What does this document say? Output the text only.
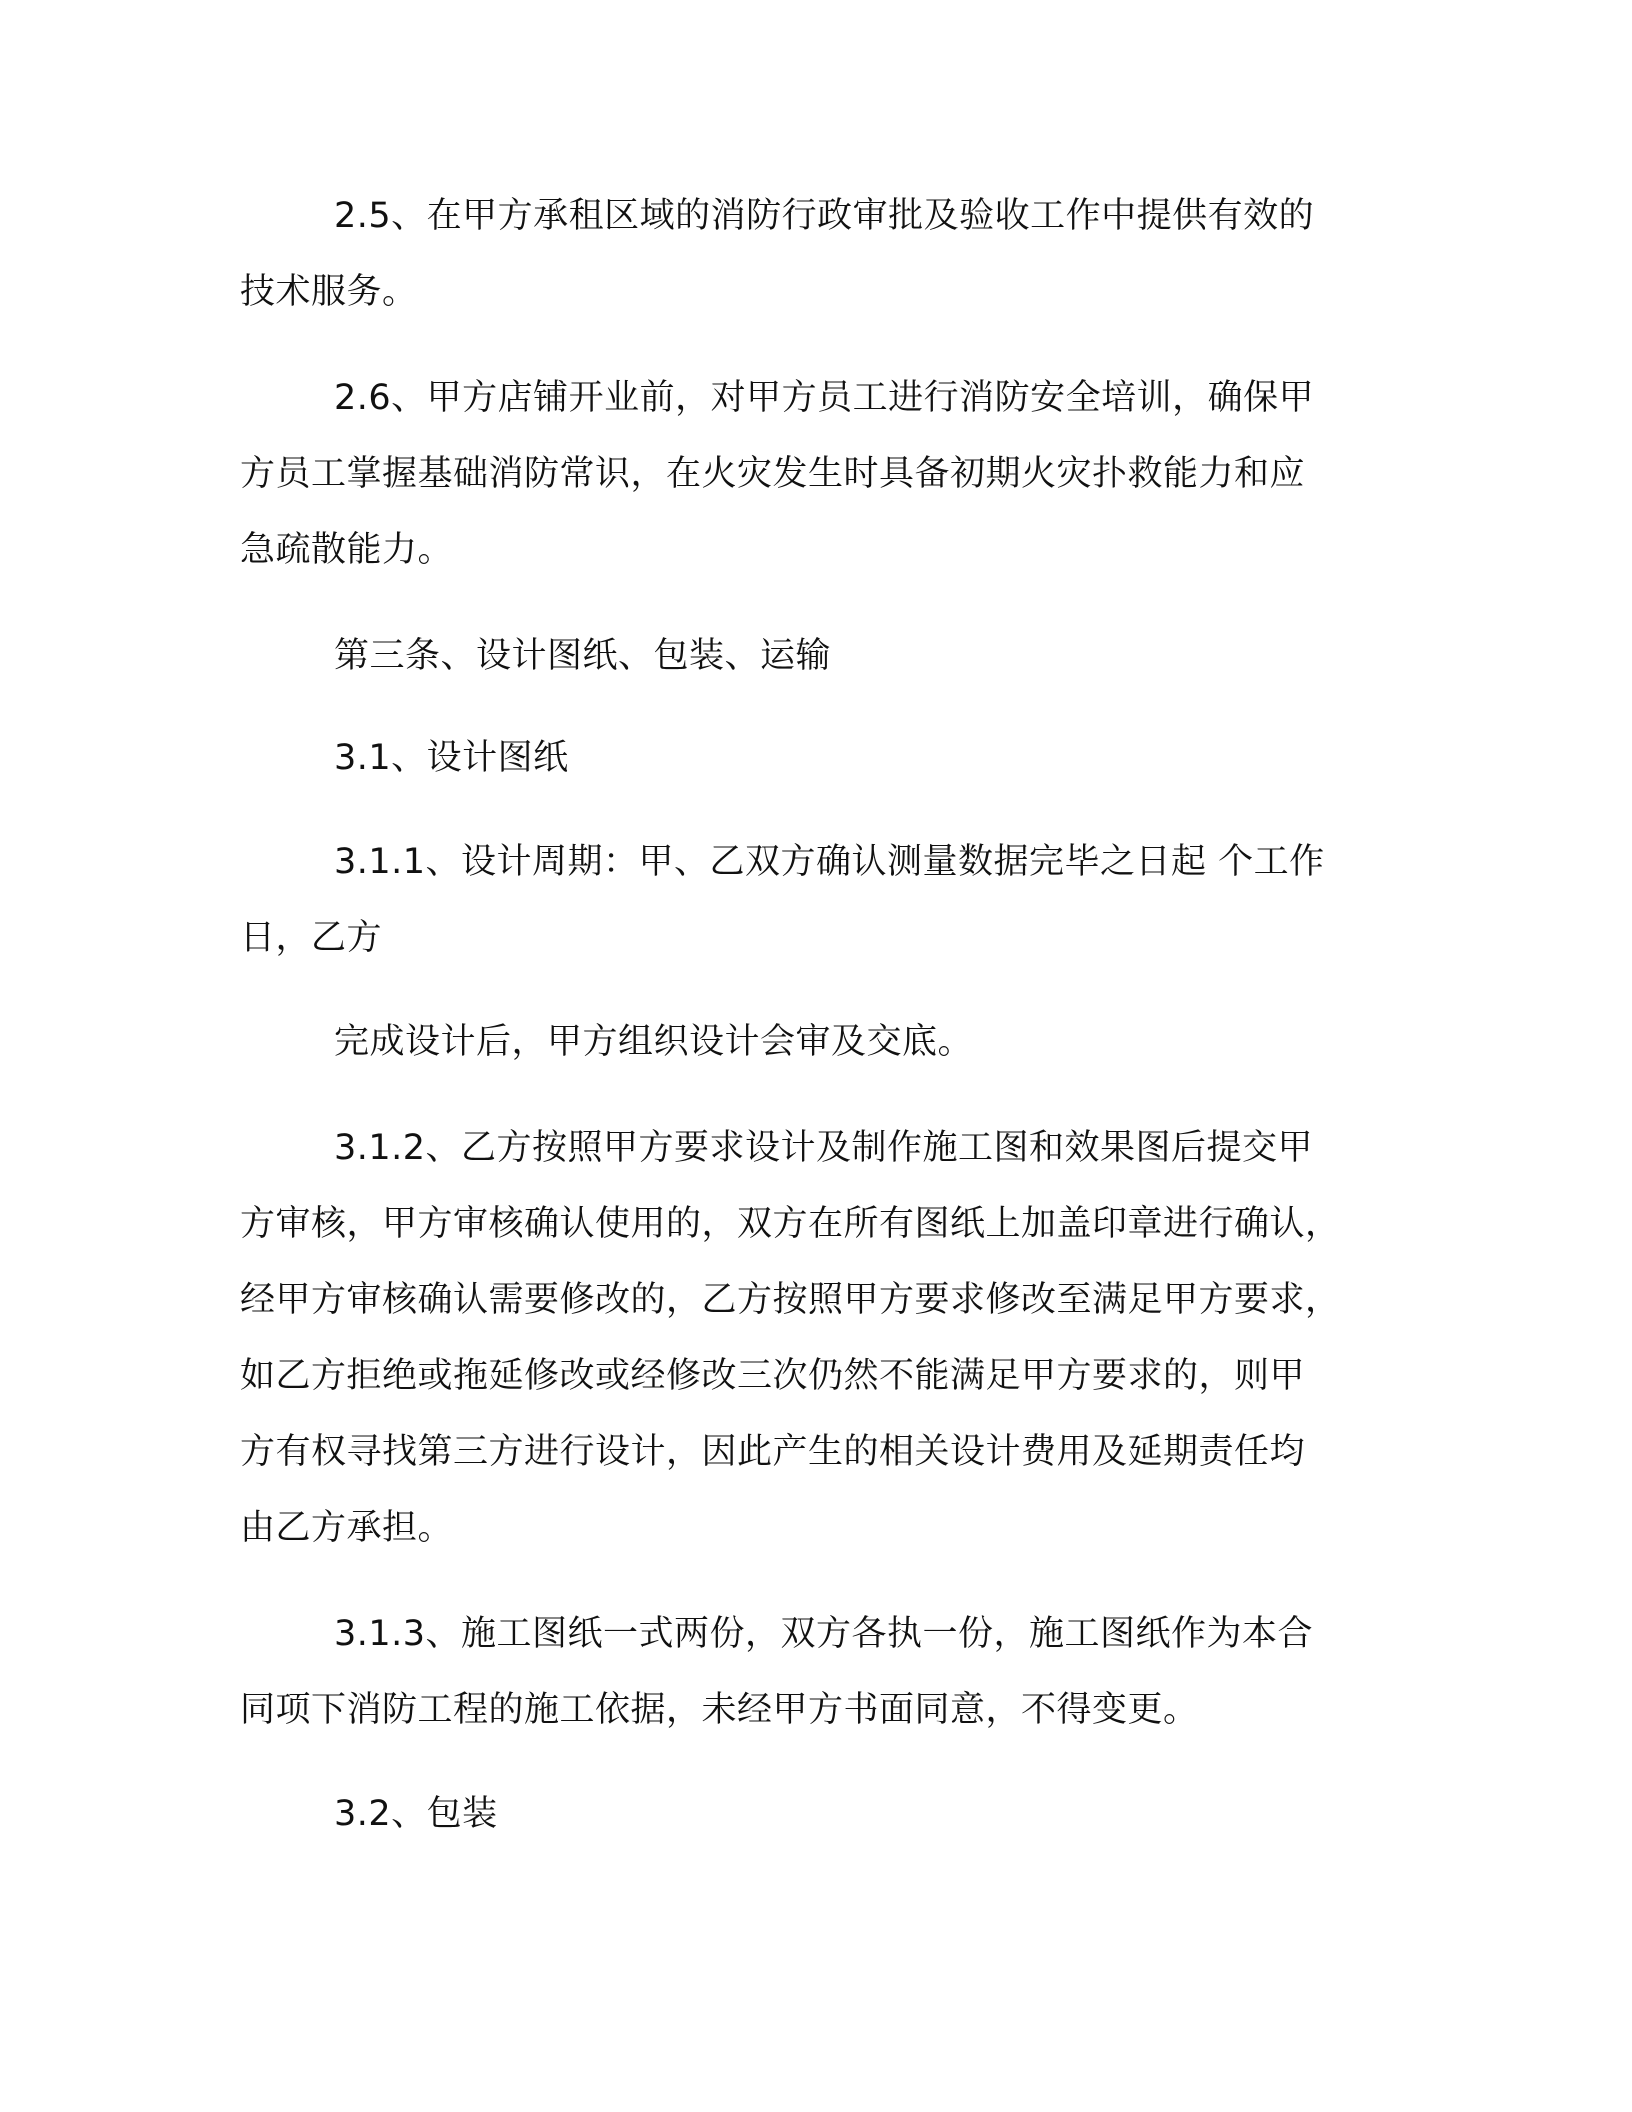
2.5、在甲方承租区域的消防行政审批及验收工作中提供有效的
技术服务。
2.6、甲方店铺开业前，对甲方员工进行消防安全培训，确保甲
方员工掌握基础消防常识，在火灾发生时具备初期火灾扑救能力和应
急疏散能力。
第三条、设计图纸、包装、运输
3.1、设计图纸
3.1.1、设计周期：甲、乙双方确认测量数据完毕之日起 个工作
日，乙方
完成设计后，甲方组织设计会审及交底。
3.1.2、乙方按照甲方要求设计及制作施工图和效果图后提交甲
方审核，甲方审核确认使用的，双方在所有图纸上加盖印章进行确认，
经甲方审核确认需要修改的，乙方按照甲方要求修改至满足甲方要求，
如乙方拒绝或拖延修改或经修改三次仍然不能满足甲方要求的，则甲
方有权寻找第三方进行设计，因此产生的相关设计费用及延期责任均
由乙方承担。
3.1.3、施工图纸一式两份，双方各执一份，施工图纸作为本合
同项下消防工程的施工依据，未经甲方书面同意，不得变更。
3.2、包装
